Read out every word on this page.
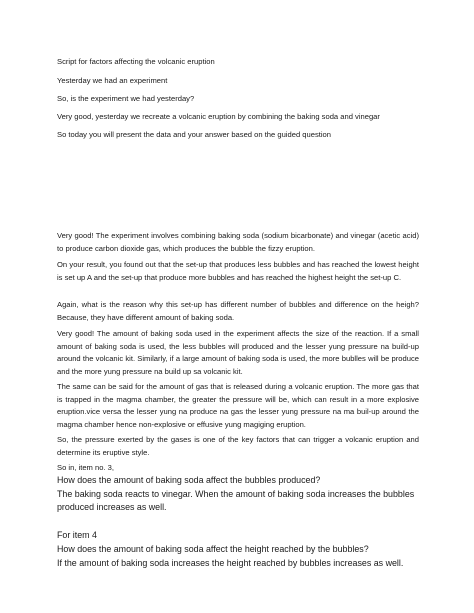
Script for factors affecting the volcanic eruption

Yesterday we had an experiment

So, is the experiment we had yesterday?

Very good, yesterday we recreate a volcanic eruption by combining the baking soda and vinegar

So today you will present the data and your answer based on the guided question

Very good! The experiment involves combining baking soda (sodium bicarbonate) and vinegar (acetic acid) to produce carbon dioxide gas, which produces the bubble the fizzy eruption.

On your result, you found out that the set-up that produces less bubbles and has reached the lowest height is set up A and the set-up that produce more bubbles and has reached the highest height the set-up C.

Again, what is the reason why this set-up has different number of bubbles and difference on the heigh? Because, they have different amount of baking soda.

Very good! The amount of baking soda used in the experiment affects the size of the reaction. If a small amount of baking soda is used, the less bubbles will produced and the lesser yung pressure na build-up around the volcanic kit. Similarly, if a large amount of baking soda is used, the more bublles will be produce and the more yung pressure na build up sa volcanic kit.

The same can be said for the amount of gas that is released during a volcanic eruption. The more gas that is trapped in the magma chamber, the greater the pressure will be, which can result in a more explosive eruption.vice versa the lesser yung na produce na gas the lesser yung pressure na ma buil-up around the magma chamber hence non-explosive or effusive yung magiging eruption.

So, the pressure exerted by the gases is one of the key factors that can trigger a volcanic eruption and determine its eruptive style.

So in, item no. 3,

How does the amount of baking soda affect the bubbles produced?

The baking soda reacts to vinegar. When the amount of baking soda increases the bubbles produced increases as well.

For item 4

How does the amount of baking soda affect the height reached by the bubbles?

If the amount of baking soda increases the height reached by bubbles increases as well.
